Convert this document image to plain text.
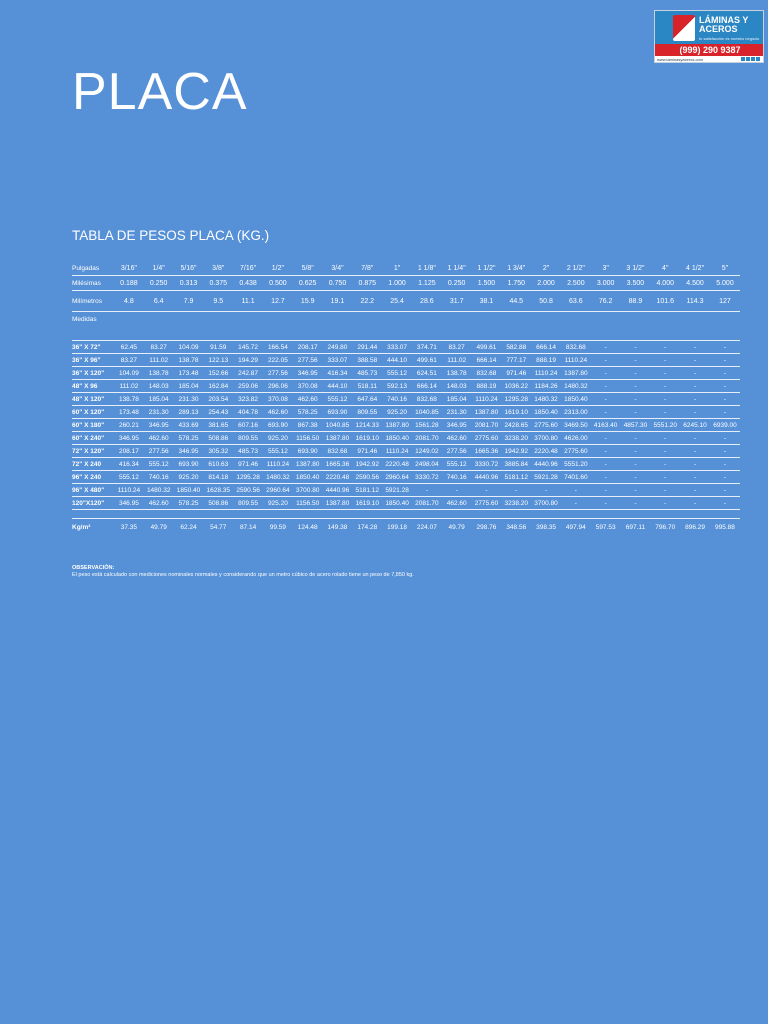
LÁMINAS Y ACEROS
tu satisfacción es nuestro negocio
(999) 290 9387
www.laminasyaceros.com
PLACA
TABLA DE PESOS PLACA (KG.)
Pulgadas	3/16"	1/4"	5/16"	3/8"	7/16"	1/2"	5/8"	3/4"	7/8"	1"	1 1/8"	1 1/4"	1 1/2"	1 3/4"	2"	2 1/2"	3"	3 1/2"	4"	4 1/2"	5"
Milésimas	0.188	0.250	0.313	0.375	0.438	0.500	0.625	0.750	0.875	1.000	1.125	0.250	1.500	1.750	2.000	2.500	3.000	3.500	4.000	4.500	5.000
Milímetros	4.8	6.4	7.9	9.5	11.1	12.7	15.9	19.1	22.2	25.4	28.6	31.7	38.1	44.5	50.8	63.6	76.2	88.9	101.6	114.3	127
Medidas																					
36" X 72"	62.45	83.27	104.09	91.59	145.72	166.54	208.17	249.80	291.44	333.07	374.71	83.27	499.61	582.88	666.14	832.68	-	-	-	-	-
36" X 96"	83.27	111.02	138.78	122.13	194.29	222.05	277.56	333.07	388.58	444.10	499.61	111.02	666.14	777.17	888.19	1110.24	-	-	-	-	-
36" X 120"	104.09	138.78	173.48	152.66	242.87	277.56	346.95	416.34	485.73	555.12	624.51	138.78	832.68	971.46	1110.24	1387.80	-	-	-	-	-
48" X 96	111.02	148.03	185.04	162.84	259.06	296.06	370.08	444.10	518.11	592.13	666.14	148.03	888.19	1036.22	1184.26	1480.32	-	-	-	-	-
48" X 120"	138.78	185.04	231.30	203.54	323.82	370.08	462.60	555.12	647.64	740.16	832.68	185.04	1110.24	1295.28	1480.32	1850.40	-	-	-	-	-
60" X 120"	173.48	231.30	289.13	254.43	404.78	462.60	578.25	693.90	809.55	925.20	1040.85	231.30	1387.80	1619.10	1850.40	2313.00	-	-	-	-	-
60" X 180"	260.21	346.95	433.69	381.65	607.16	693.90	867.38	1040.85	1214.33	1387.80	1561.28	346.95	2081.70	2428.65	2775.60	3469.50	4163.40	4857.30	5551.20	6245.10	6939.00
60" X 240"	346.95	462.60	578.25	508.86	809.55	925.20	1156.50	1387.80	1619.10	1850.40	2081.70	462.60	2775.60	3238.20	3700.80	4626.00	-	-	-	-	-
72" X 120"	208.17	277.56	346.95	305.32	485.73	555.12	693.90	832.68	971.46	1110.24	1249.02	277.56	1665.36	1942.92	2220.48	2775.60	-	-	-	-	-
72" X 240	416.34	555.12	693.90	610.63	971.46	1110.24	1387.80	1665.36	1942.92	2220.48	2498.04	555.12	3330.72	3885.84	4440.96	5551.20	-	-	-	-	-
96" X 240	555.12	740.16	925.20	814.18	1295.28	1480.32	1850.40	2220.48	2590.56	2960.64	3330.72	740.16	4440.96	5181.12	5921.28	7401.60	-	-	-	-	-
96" X 480"	1110.24	1480.32	1850.40	1628.35	2590.56	2960.64	3700.80	4440.96	5181.12	5921.28	-	-	-	-	-	-	-	-	-	-	-
120"X120"	346.95	462.60	578.25	508.86	809.55	925.20	1156.50	1387.80	1619.10	1850.40	2081.70	462.60	2775.60	3238.20	3700.80	-	-	-	-	-	-

Kg/m²	37.35	49.79	62.24	54.77	87.14	99.59	124.48	149.38	174.28	199.18	224.07	49.79	298.76	348.56	398.35	497.94	597.53	697.11	796.70	896.29	995.88
OBSERVACIÓN:
El peso está calculado con mediciones nominales normales y considerando que un metro cúbico de acero rolado tiene un peso de 7,850 kg.
